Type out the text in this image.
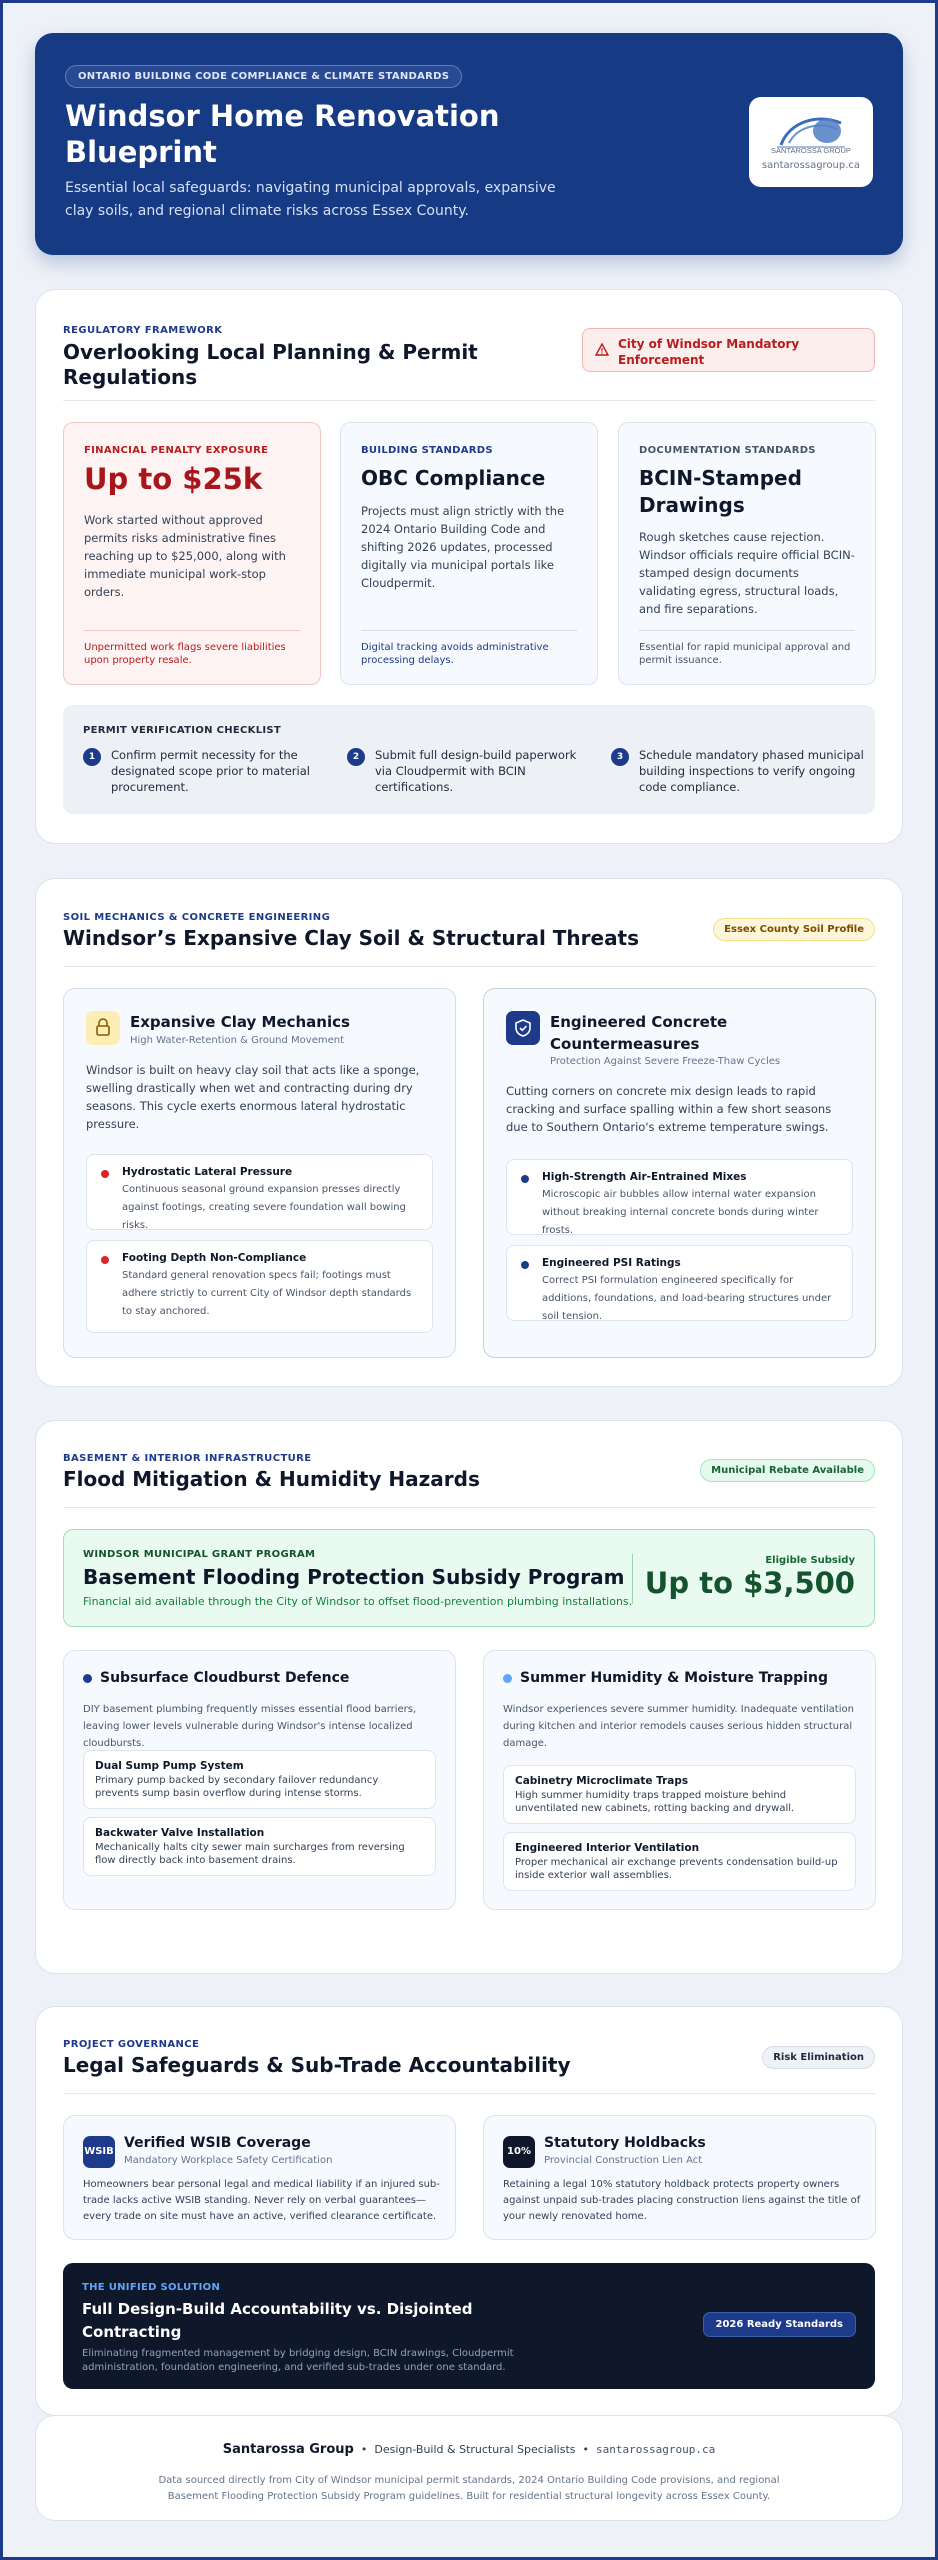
ONTARIO BUILDING CODE COMPLIANCE & CLIMATE STANDARDS
Windsor Home Renovation Blueprint

Essential local safeguards: navigating municipal approvals, expansive clay soils, and regional climate risks across Essex County.

SANTAROSSA GROUP
santarossagroup.ca
REGULATORY FRAMEWORK
Overlooking Local Planning & Permit Regulations
City of Windsor Mandatory Enforcement
FINANCIAL PENALTY EXPOSURE
Up to $25k

Work started without approved permits risks administrative fines reaching up to $25,000, along with immediate municipal work-stop orders.

Unpermitted work flags severe liabilities upon property resale.
BUILDING STANDARDS
OBC Compliance

Projects must align strictly with the 2024 Ontario Building Code and shifting 2026 updates, processed digitally via municipal portals like Cloudpermit.

Digital tracking avoids administrative processing delays.
DOCUMENTATION STANDARDS
BCIN-Stamped Drawings

Rough sketches cause rejection. Windsor officials require official BCIN-stamped design documents validating egress, structural loads, and fire separations.

Essential for rapid municipal approval and permit issuance.
PERMIT VERIFICATION CHECKLIST
1	Confirm permit necessity for the designated scope prior to material procurement.
2	Submit full design-build paperwork via Cloudpermit with BCIN certifications.
3	Schedule mandatory phased municipal building inspections to verify ongoing code compliance.
SOIL MECHANICS & CONCRETE ENGINEERING
Windsor’s Expansive Clay Soil & Structural Threats	Essex County Soil Profile
Expansive Clay Mechanics
High Water-Retention & Ground Movement

Windsor is built on heavy clay soil that acts like a sponge, swelling drastically when wet and contracting during dry seasons. This cycle exerts enormous lateral hydrostatic pressure.

Hydrostatic Lateral Pressure
Continuous seasonal ground expansion presses directly against footings, creating severe foundation wall bowing risks.
Footing Depth Non-Compliance
Standard general renovation specs fail; footings must adhere strictly to current City of Windsor depth standards to stay anchored.
Engineered Concrete Countermeasures
Protection Against Severe Freeze-Thaw Cycles

Cutting corners on concrete mix design leads to rapid cracking and surface spalling within a few short seasons due to Southern Ontario's extreme temperature swings.

High-Strength Air-Entrained Mixes
Microscopic air bubbles allow internal water expansion without breaking internal concrete bonds during winter frosts.
Engineered PSI Ratings
Correct PSI formulation engineered specifically for additions, foundations, and load-bearing structures under soil tension.
BASEMENT & INTERIOR INFRASTRUCTURE
Flood Mitigation & Humidity Hazards	Municipal Rebate Available
WINDSOR MUNICIPAL GRANT PROGRAM
Basement Flooding Protection Subsidy Program
Financial aid available through the City of Windsor to offset flood-prevention plumbing installations.
Eligible Subsidy
Up to $3,500
Subsurface Cloudburst Defence

DIY basement plumbing frequently misses essential flood barriers, leaving lower levels vulnerable during Windsor's intense localized cloudbursts.

Dual Sump Pump System
Primary pump backed by secondary failover redundancy prevents sump basin overflow during intense storms.
Backwater Valve Installation
Mechanically halts city sewer main surcharges from reversing flow directly back into basement drains.
Summer Humidity & Moisture Trapping

Windsor experiences severe summer humidity. Inadequate ventilation during kitchen and interior remodels causes serious hidden structural damage.

Cabinetry Microclimate Traps
High summer humidity traps trapped moisture behind unventilated new cabinets, rotting backing and drywall.
Engineered Interior Ventilation
Proper mechanical air exchange prevents condensation build-up inside exterior wall assemblies.
PROJECT GOVERNANCE
Legal Safeguards & Sub-Trade Accountability	Risk Elimination
WSIB
Verified WSIB Coverage
Mandatory Workplace Safety Certification

Homeowners bear personal legal and medical liability if an injured sub-trade lacks active WSIB standing. Never rely on verbal guarantees—every trade on site must have an active, verified clearance certificate.

10%
Statutory Holdbacks
Provincial Construction Lien Act

Retaining a legal 10% statutory holdback protects property owners against unpaid sub-trades placing construction liens against the title of your newly renovated home.

THE UNIFIED SOLUTION
Full Design-Build Accountability vs. Disjointed Contracting
Eliminating fragmented management by bridging design, BCIN drawings, Cloudpermit administration, foundation engineering, and verified sub-trades under one standard.
2026 Ready Standards
Santarossa Group • Design-Build & Structural Specialists • santarossagroup.ca

Data sourced directly from City of Windsor municipal permit standards, 2024 Ontario Building Code provisions, and regional Basement Flooding Protection Subsidy Program guidelines. Built for residential structural longevity across Essex County.
